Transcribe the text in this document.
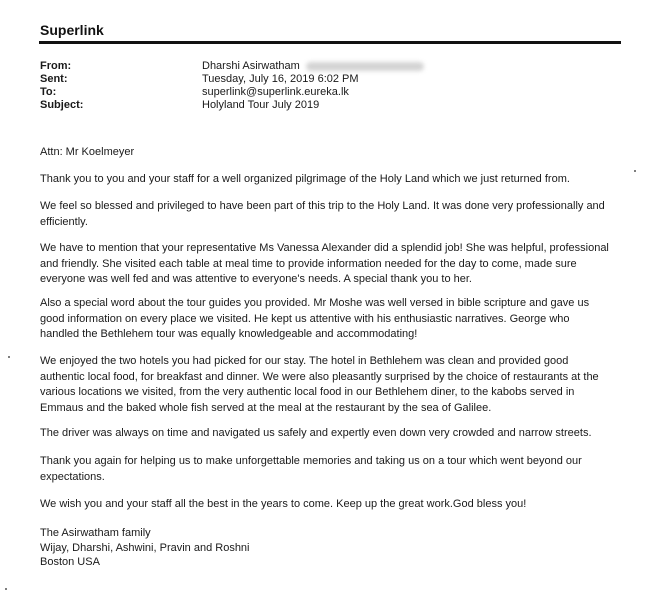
Superlink
From:	Dharshi Asirwatham
Sent:	Tuesday, July 16, 2019 6:02 PM
To:	superlink@superlink.eureka.lk
Subject:	Holyland Tour July 2019

Attn: Mr Koelmeyer

Thank you to you and your staff for a well organized pilgrimage of the Holy Land which we just returned from.

We feel so blessed and privileged to have been part of this trip to the Holy Land. It was done very professionally and efficiently.

We have to mention that your representative Ms Vanessa Alexander did a splendid job! She was helpful, professional and friendly. She visited each table at meal time to provide information needed for the day to come, made sure everyone was well fed and was attentive to everyone's needs. A special thank you to her.

Also a special word about the tour guides you provided. Mr Moshe was well versed in bible scripture and gave us good information on every place we visited. He kept us attentive with his enthusiastic narratives. George who handled the Bethlehem tour was equally knowledgeable and accommodating!

We enjoyed the two hotels you had picked for our stay. The hotel in Bethlehem was clean and provided good authentic local food, for breakfast and dinner. We were also pleasantly surprised by the choice of restaurants at the various locations we visited, from the very authentic local food in our Bethlehem diner, to the kabobs served in Emmaus and the baked whole fish served at the meal at the restaurant by the sea of Galilee.

The driver was always on time and navigated us safely and expertly even down very crowded and narrow streets.

Thank you again for helping us to make unforgettable memories and taking us on a tour which went beyond our expectations.

We wish you and your staff all the best in the years to come. Keep up the great work.God bless you!

The Asirwatham family
Wijay, Dharshi, Ashwini, Pravin and Roshni
Boston USA
